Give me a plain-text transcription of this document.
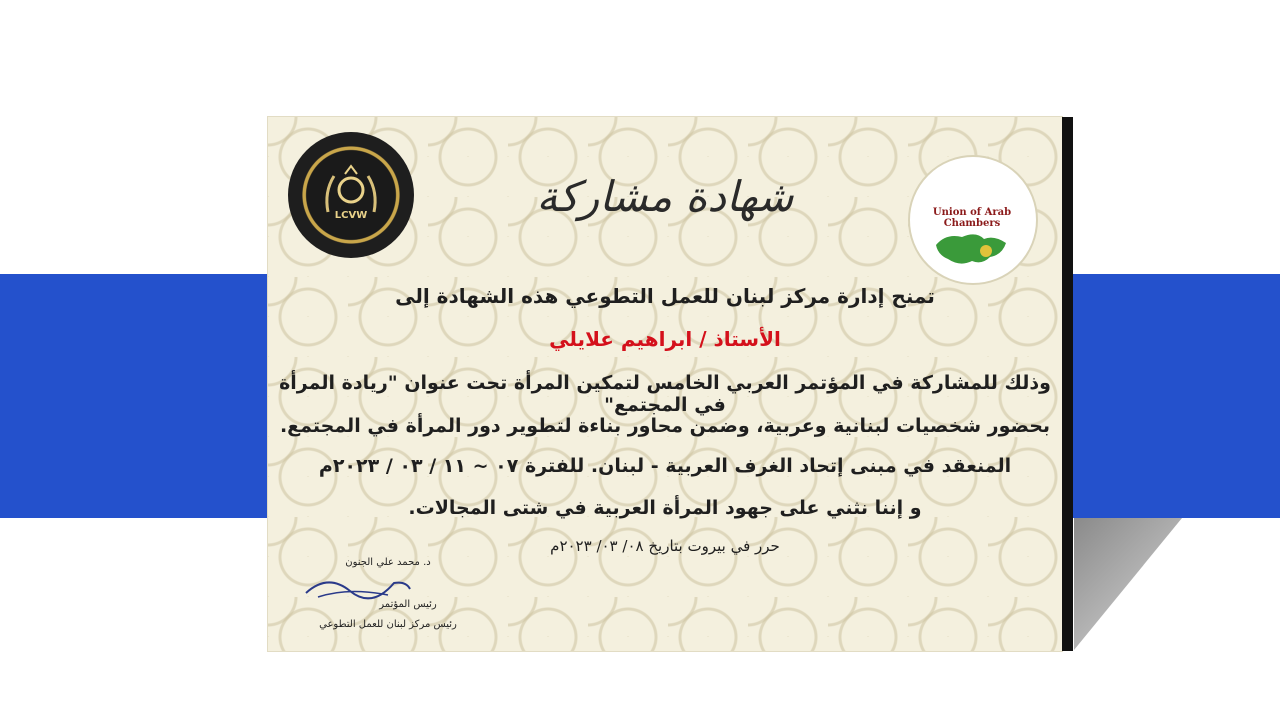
LCVW	شهادة مشاركة	Union of Arab Chambers
تمنح إدارة مركز لبنان للعمل التطوعي هذه الشهادة إلى
الأستاذ / ابراهيم علايلي
وذلك للمشاركة في المؤتمر العربي الخامس لتمكين المرأة تحت عنوان "ريادة المرأة في المجتمع"
بحضور شخصيات لبنانية وعربية، وضمن محاور بناءة لتطوير دور المرأة في المجتمع.
المنعقد في مبنى إتحاد الغرف العربية - لبنان. للفترة ٠٧ ~ ١١ / ٠٣ / ٢٠٢٣م
و إننا نثني على جهود المرأة العربية في شتى المجالات.
حرر في بيروت بتاريخ ٠٨/ ٠٣/ ٢٠٢٣م
د. محمد علي الجنون
رئيس المؤتمر
رئيس مركز لبنان للعمل التطوعي
